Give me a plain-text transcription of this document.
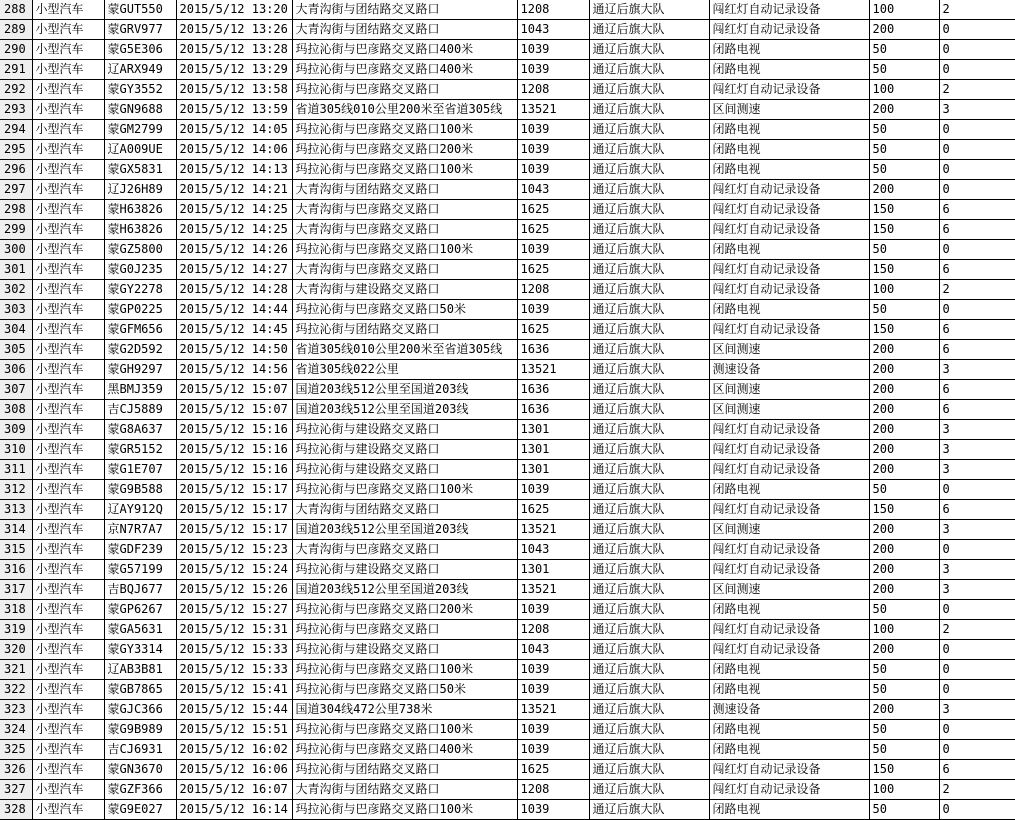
288	小型汽车	蒙GUT550	2015/5/12 13:20	大青沟街与团结路交叉路口	1208	通辽后旗大队	闯红灯自动记录设备	100	2
289	小型汽车	蒙GRV977	2015/5/12 13:26	大青沟街与团结路交叉路口	1043	通辽后旗大队	闯红灯自动记录设备	200	0
290	小型汽车	蒙G5E306	2015/5/12 13:28	玛拉沁街与巴彦路交叉路口400米	1039	通辽后旗大队	闭路电视	50	0
291	小型汽车	辽ARX949	2015/5/12 13:29	玛拉沁街与巴彦路交叉路口400米	1039	通辽后旗大队	闭路电视	50	0
292	小型汽车	蒙GY3552	2015/5/12 13:58	玛拉沁街与巴彦路交叉路口	1208	通辽后旗大队	闯红灯自动记录设备	100	2
293	小型汽车	蒙GN9688	2015/5/12 13:59	省道305线010公里200米至省道305线	13521	通辽后旗大队	区间测速	200	3
294	小型汽车	蒙GM2799	2015/5/12 14:05	玛拉沁街与巴彦路交叉路口100米	1039	通辽后旗大队	闭路电视	50	0
295	小型汽车	辽A009UE	2015/5/12 14:06	玛拉沁街与巴彦路交叉路口200米	1039	通辽后旗大队	闭路电视	50	0
296	小型汽车	蒙GX5831	2015/5/12 14:13	玛拉沁街与巴彦路交叉路口100米	1039	通辽后旗大队	闭路电视	50	0
297	小型汽车	辽J26H89	2015/5/12 14:21	大青沟街与团结路交叉路口	1043	通辽后旗大队	闯红灯自动记录设备	200	0
298	小型汽车	蒙H63826	2015/5/12 14:25	大青沟街与巴彦路交叉路口	1625	通辽后旗大队	闯红灯自动记录设备	150	6
299	小型汽车	蒙H63826	2015/5/12 14:25	大青沟街与巴彦路交叉路口	1625	通辽后旗大队	闯红灯自动记录设备	150	6
300	小型汽车	蒙GZ5800	2015/5/12 14:26	玛拉沁街与巴彦路交叉路口100米	1039	通辽后旗大队	闭路电视	50	0
301	小型汽车	蒙G0J235	2015/5/12 14:27	大青沟街与巴彦路交叉路口	1625	通辽后旗大队	闯红灯自动记录设备	150	6
302	小型汽车	蒙GY2278	2015/5/12 14:28	大青沟街与建设路交叉路口	1208	通辽后旗大队	闯红灯自动记录设备	100	2
303	小型汽车	蒙GP0225	2015/5/12 14:44	玛拉沁街与巴彦路交叉路口50米	1039	通辽后旗大队	闭路电视	50	0
304	小型汽车	蒙GFM656	2015/5/12 14:45	玛拉沁街与团结路交叉路口	1625	通辽后旗大队	闯红灯自动记录设备	150	6
305	小型汽车	蒙G2D592	2015/5/12 14:50	省道305线010公里200米至省道305线	1636	通辽后旗大队	区间测速	200	6
306	小型汽车	蒙GH9297	2015/5/12 14:56	省道305线022公里	13521	通辽后旗大队	测速设备	200	3
307	小型汽车	黑BMJ359	2015/5/12 15:07	国道203线512公里至国道203线	1636	通辽后旗大队	区间测速	200	6
308	小型汽车	吉CJ5889	2015/5/12 15:07	国道203线512公里至国道203线	1636	通辽后旗大队	区间测速	200	6
309	小型汽车	蒙G8A637	2015/5/12 15:16	玛拉沁街与建设路交叉路口	1301	通辽后旗大队	闯红灯自动记录设备	200	3
310	小型汽车	蒙GR5152	2015/5/12 15:16	玛拉沁街与建设路交叉路口	1301	通辽后旗大队	闯红灯自动记录设备	200	3
311	小型汽车	蒙G1E707	2015/5/12 15:16	玛拉沁街与建设路交叉路口	1301	通辽后旗大队	闯红灯自动记录设备	200	3
312	小型汽车	蒙G9B588	2015/5/12 15:17	玛拉沁街与巴彦路交叉路口100米	1039	通辽后旗大队	闭路电视	50	0
313	小型汽车	辽AY912Q	2015/5/12 15:17	大青沟街与团结路交叉路口	1625	通辽后旗大队	闯红灯自动记录设备	150	6
314	小型汽车	京N7R7A7	2015/5/12 15:17	国道203线512公里至国道203线	13521	通辽后旗大队	区间测速	200	3
315	小型汽车	蒙GDF239	2015/5/12 15:23	大青沟街与巴彦路交叉路口	1043	通辽后旗大队	闯红灯自动记录设备	200	0
316	小型汽车	蒙G57199	2015/5/12 15:24	玛拉沁街与建设路交叉路口	1301	通辽后旗大队	闯红灯自动记录设备	200	3
317	小型汽车	吉BQJ677	2015/5/12 15:26	国道203线512公里至国道203线	13521	通辽后旗大队	区间测速	200	3
318	小型汽车	蒙GP6267	2015/5/12 15:27	玛拉沁街与巴彦路交叉路口200米	1039	通辽后旗大队	闭路电视	50	0
319	小型汽车	蒙GA5631	2015/5/12 15:31	玛拉沁街与巴彦路交叉路口	1208	通辽后旗大队	闯红灯自动记录设备	100	2
320	小型汽车	蒙GY3314	2015/5/12 15:33	玛拉沁街与建设路交叉路口	1043	通辽后旗大队	闯红灯自动记录设备	200	0
321	小型汽车	辽AB3B81	2015/5/12 15:33	玛拉沁街与巴彦路交叉路口100米	1039	通辽后旗大队	闭路电视	50	0
322	小型汽车	蒙GB7865	2015/5/12 15:41	玛拉沁街与巴彦路交叉路口50米	1039	通辽后旗大队	闭路电视	50	0
323	小型汽车	蒙GJC366	2015/5/12 15:44	国道304线472公里738米	13521	通辽后旗大队	测速设备	200	3
324	小型汽车	蒙G9B989	2015/5/12 15:51	玛拉沁街与巴彦路交叉路口100米	1039	通辽后旗大队	闭路电视	50	0
325	小型汽车	吉CJ6931	2015/5/12 16:02	玛拉沁街与巴彦路交叉路口400米	1039	通辽后旗大队	闭路电视	50	0
326	小型汽车	蒙GN3670	2015/5/12 16:06	玛拉沁街与团结路交叉路口	1625	通辽后旗大队	闯红灯自动记录设备	150	6
327	小型汽车	蒙GZF366	2015/5/12 16:07	大青沟街与团结路交叉路口	1208	通辽后旗大队	闯红灯自动记录设备	100	2
328	小型汽车	蒙G9E027	2015/5/12 16:14	玛拉沁街与巴彦路交叉路口100米	1039	通辽后旗大队	闭路电视	50	0
